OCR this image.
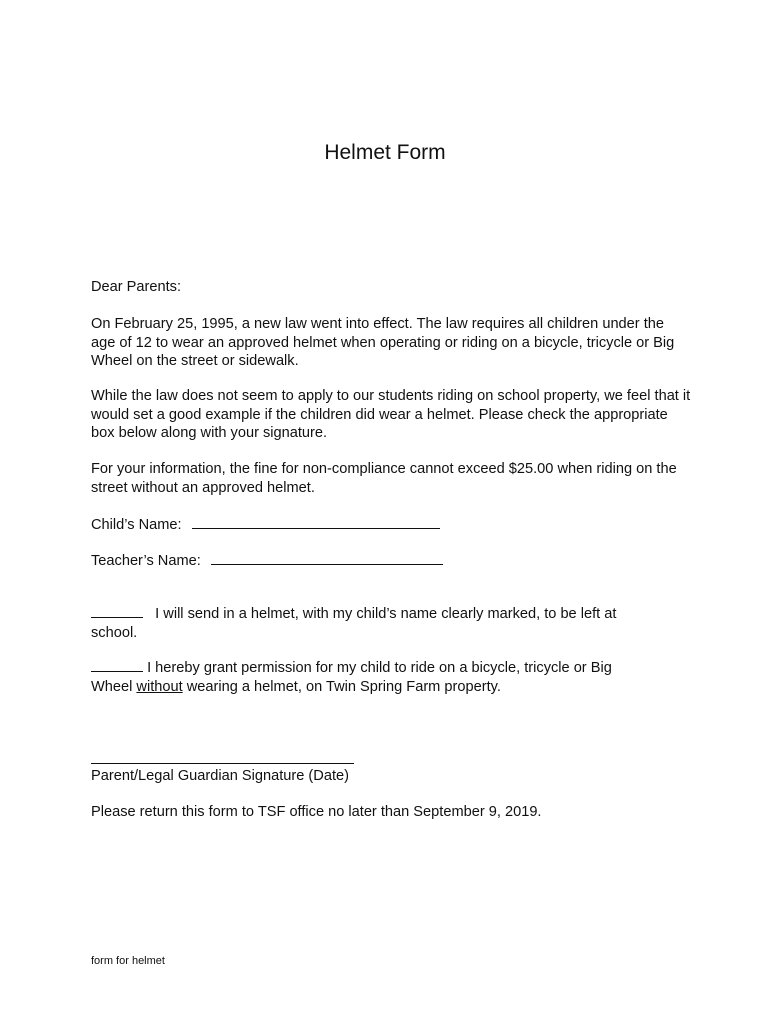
Helmet Form

Dear Parents:

On February 25, 1995, a new law went into effect. The law requires all children under the age of 12 to wear an approved helmet when operating or riding on a bicycle, tricycle or Big Wheel on the street or sidewalk.

While the law does not seem to apply to our students riding on school property, we feel that it would set a good example if the children did wear a helmet. Please check the appropriate box below along with your signature.

For your information, the fine for non-compliance cannot exceed $25.00 when riding on the street without an approved helmet.

Child’s Name:
Teacher’s Name:

I will send in a helmet, with my child’s name clearly marked, to be left at school.

I hereby grant permission for my child to ride on a bicycle, tricycle or Big Wheel without wearing a helmet, on Twin Spring Farm property.

Parent/Legal Guardian Signature (Date)

Please return this form to TSF office no later than September 9, 2019.

form for helmet
